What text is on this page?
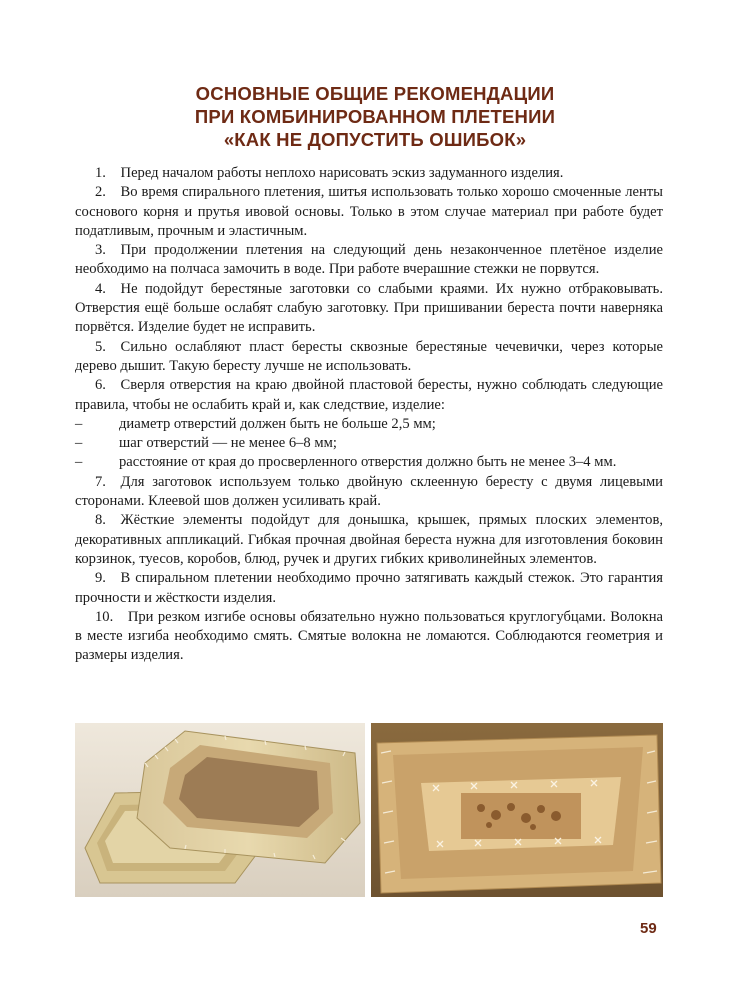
ОСНОВНЫЕ ОБЩИЕ РЕКОМЕНДАЦИИ
ПРИ КОМБИНИРОВАННОМ ПЛЕТЕНИИ
«КАК НЕ ДОПУСТИТЬ ОШИБОК»

1. Перед началом работы неплохо нарисовать эскиз задуманного изделия.

2. Во время спирального плетения, шитья использовать только хорошо смоченные ленты соснового корня и прутья ивовой основы. Только в этом случае материал при работе будет податливым, прочным и эластичным.

3. При продолжении плетения на следующий день незаконченное плетёное изделие необходимо на полчаса замочить в воде. При работе вчерашние стежки не порвутся.

4. Не подойдут берестяные заготовки со слабыми краями. Их нужно отбраковывать. Отверстия ещё больше ослабят слабую заготовку. При пришивании береста почти наверняка порвётся. Изделие будет не исправить.

5. Сильно ослабляют пласт бересты сквозные берестяные чечевички, через которые дерево дышит. Такую бересту лучше не использовать.

6. Сверля отверстия на краю двойной пластовой бересты, нужно соблюдать следующие правила, чтобы не ослабить край и, как следствие, изделие:

–	диаметр отверстий должен быть не больше 2,5 мм;

–	шаг отверстий — не менее 6–8 мм;

–	расстояние от края до просверленного отверстия должно быть не менее 3–4 мм.

7. Для заготовок используем только двойную склеенную бересту с двумя лицевыми сторонами. Клеевой шов должен усиливать край.

8. Жёсткие элементы подойдут для донышка, крышек, прямых плоских элементов, декоративных аппликаций. Гибкая прочная двойная береста нужна для изготовления боковин корзинок, туесов, коробов, блюд, ручек и других гибких криволинейных элементов.

9. В спиральном плетении необходимо прочно затягивать каждый стежок. Это гарантия прочности и жёсткости изделия.

10. При резком изгибе основы обязательно нужно пользоваться круглогубцами. Волокна в месте изгиба необходимо смять. Смятые волокна не ломаются. Соблюдаются геометрия и размеры изделия.

59
